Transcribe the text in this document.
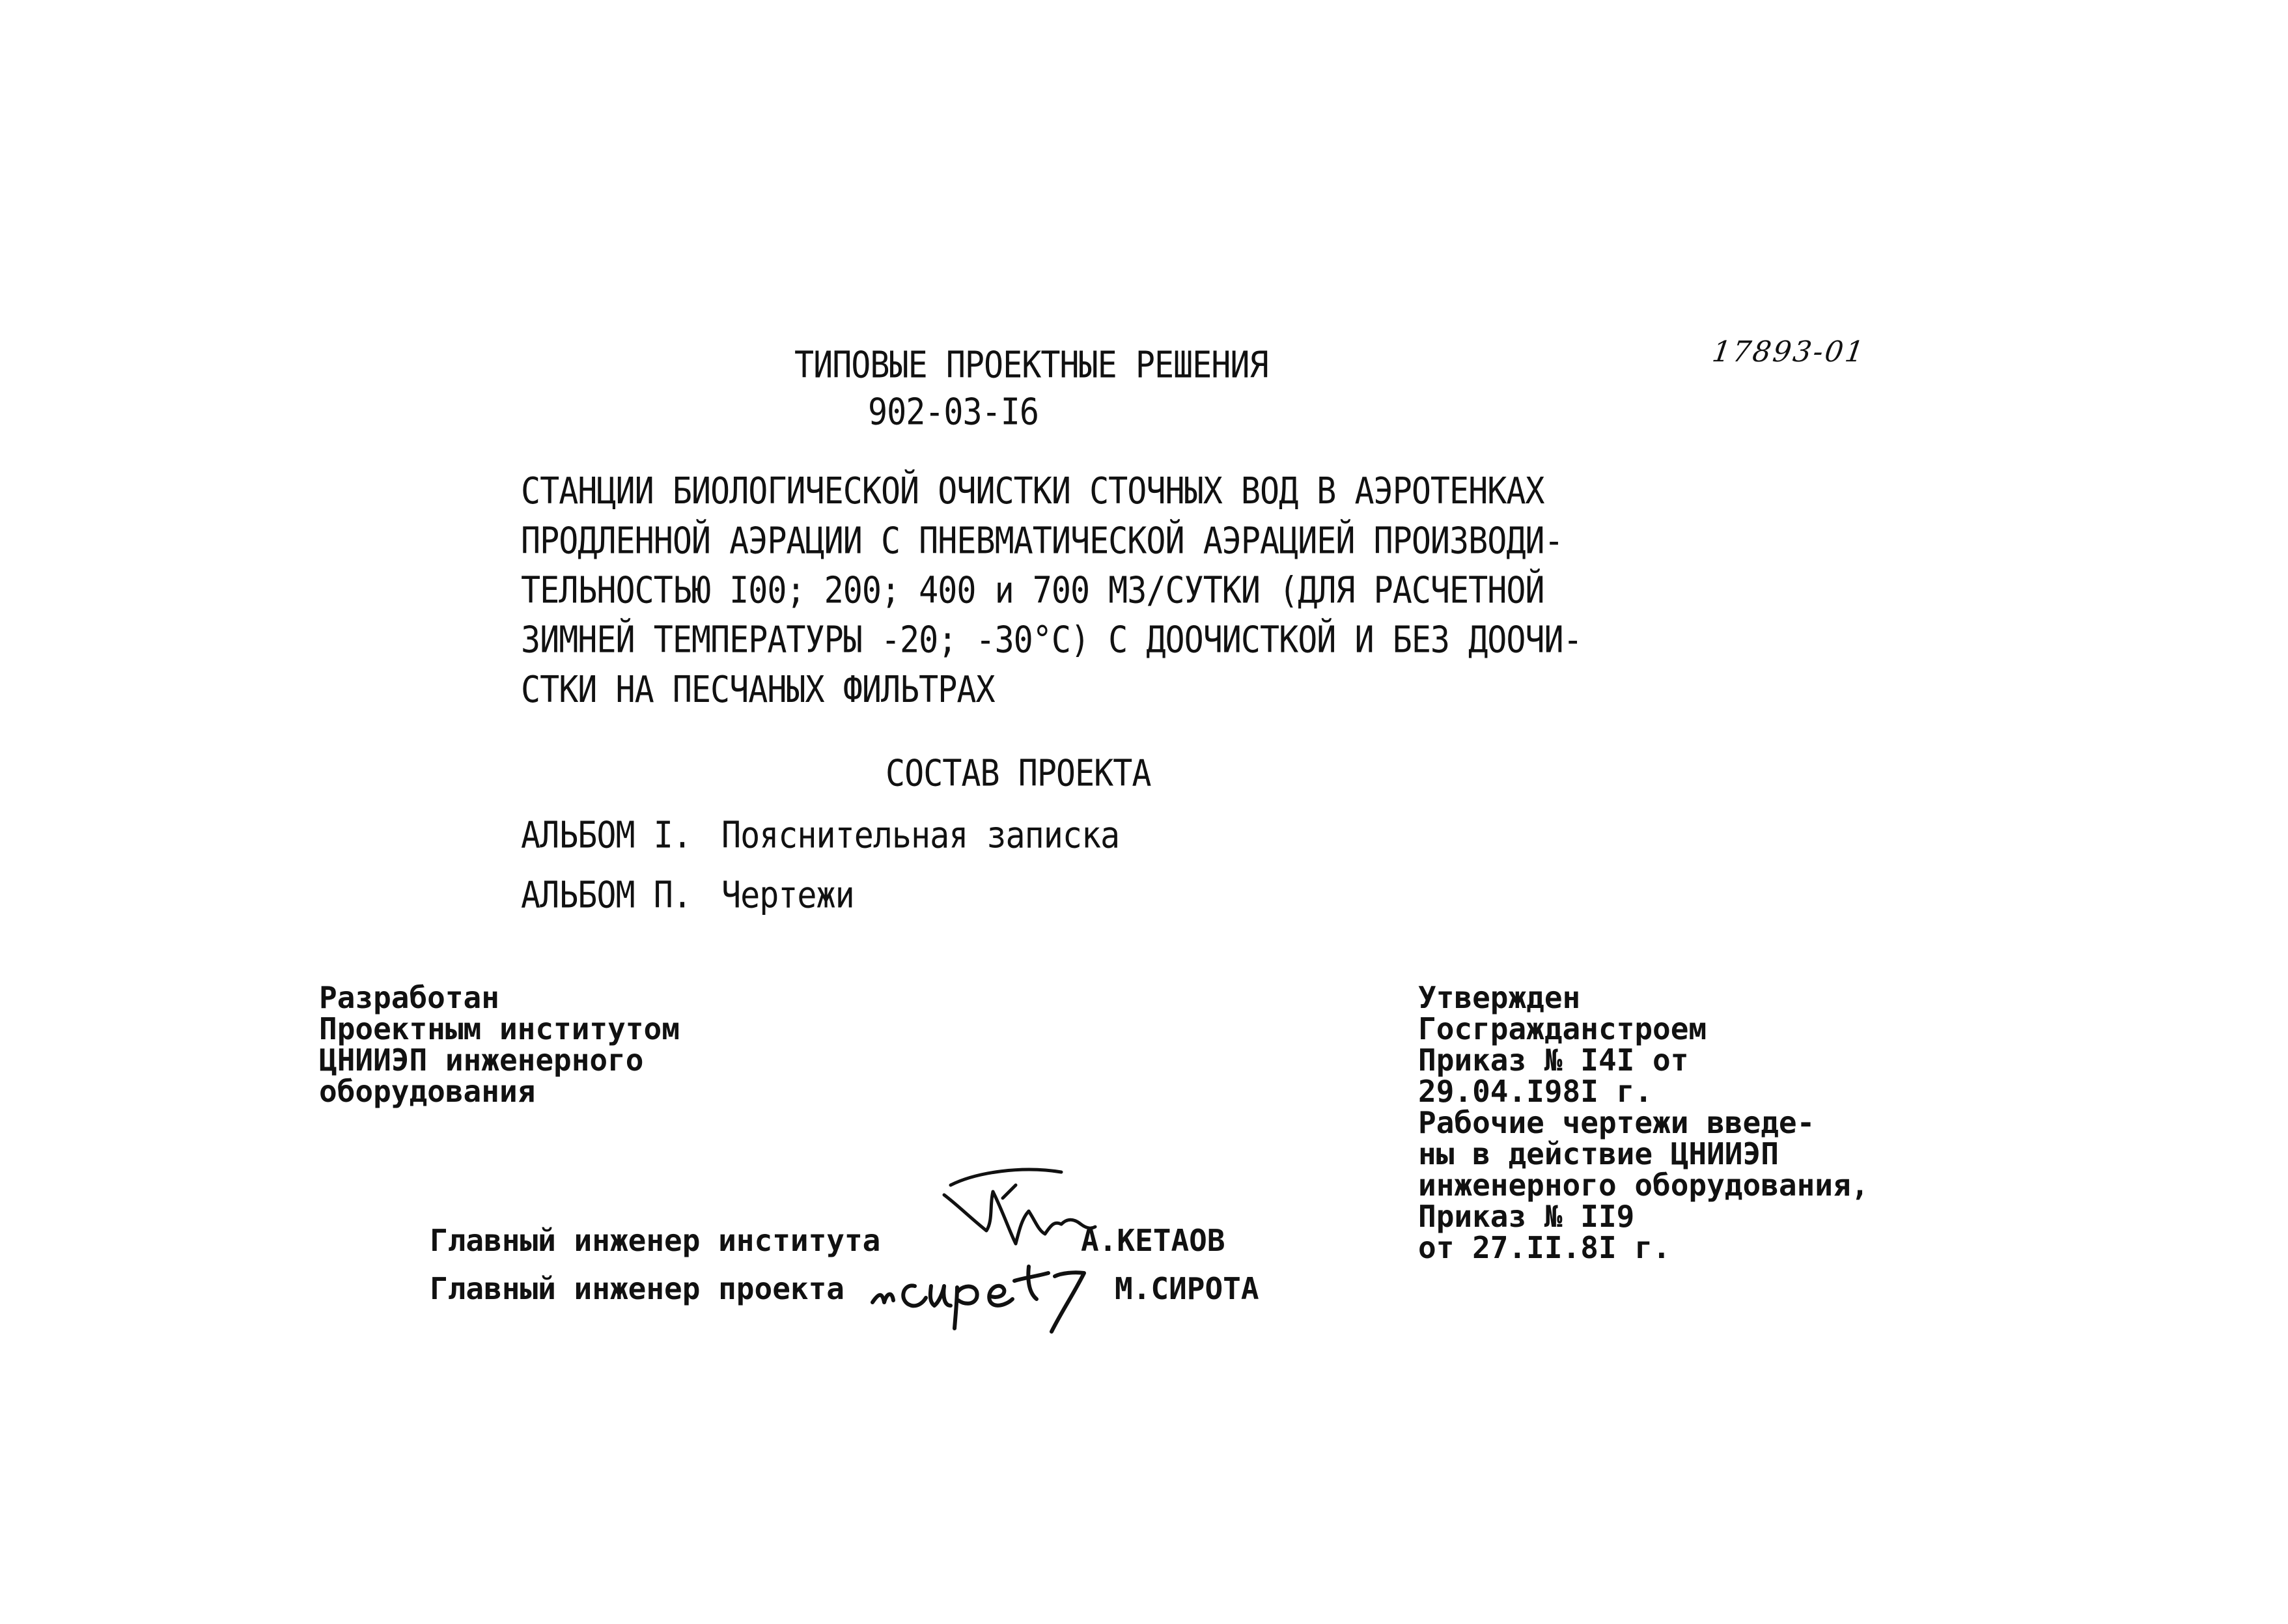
17893-01
ТИПОВЫЕ ПРОЕКТНЫЕ РЕШЕНИЯ
902-03-I6
СТАНЦИИ БИОЛОГИЧЕСКОЙ ОЧИСТКИ СТОЧНЫХ ВОД В АЭРОТЕНКАХ
ПРОДЛЕННОЙ АЭРАЦИИ С ПНЕВМАТИЧЕСКОЙ АЭРАЦИЕЙ ПРОИЗВОДИ-
ТЕЛЬНОСТЬЮ I00; 200; 400 и 700 М3/СУТКИ (ДЛЯ РАСЧЕТНОЙ
ЗИМНЕЙ ТЕМПЕРАТУРЫ -20; -30°С) С ДООЧИСТКОЙ И БЕЗ ДООЧИ-
СТКИ НА ПЕСЧАНЫХ ФИЛЬТРАХ
СОСТАВ ПРОЕКТА
АЛЬБОМ I. Пояснительная записка
АЛЬБОМ П. Чертежи
Разработан
Проектным институтом
ЦНИИЭП инженерного
оборудования
Утвержден
Госгражданстроем
Приказ № I4I от
29.04.I98I г.
Рабочие чертежи введе-
ны в действие ЦНИИЭП
инженерного оборудования,
Приказ № II9
от 27.II.8I г.
Главный инженер института	А.КЕТАОВ
Главный инженер проекта	М.СИРОТА
